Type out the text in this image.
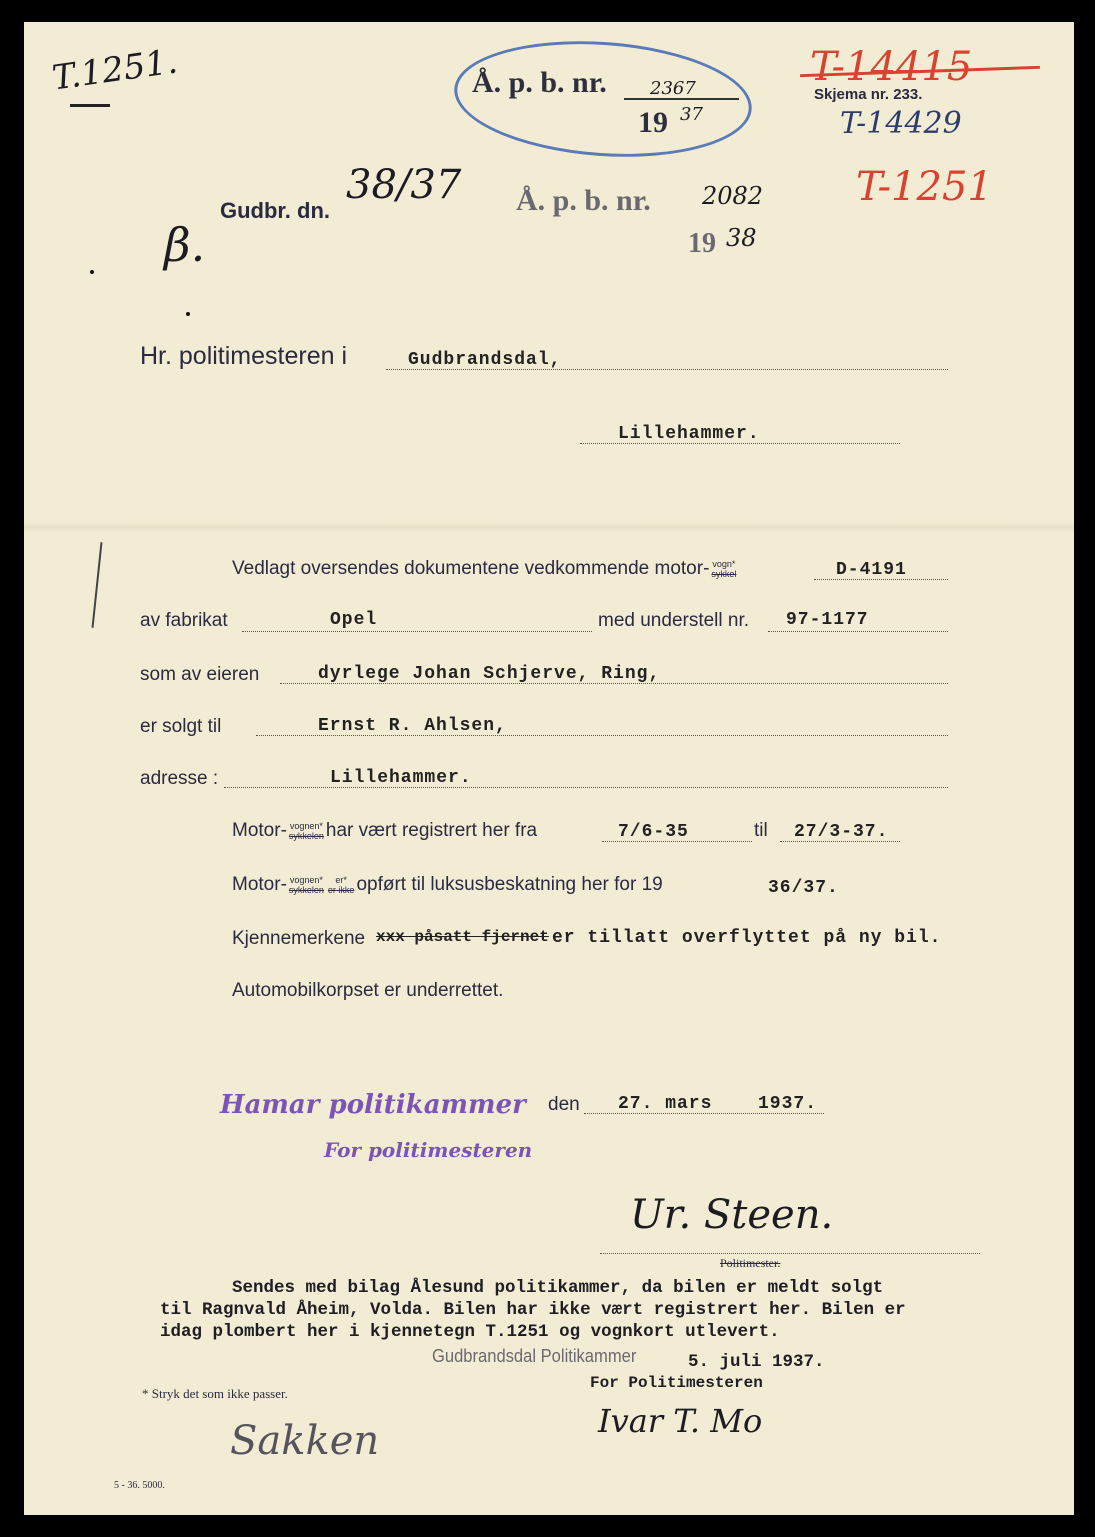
T.1251.	Å. p. b. nr. 2367
19 37
T-14415
Skjema nr. 233.
T-14429
T-1251
β.
Gudbr. dn.
38/37 Å. p. b. nr. 2082
19 38
Hr. politimesteren i	Gudbrandsdal,
Lillehammer.
Vedlagt oversendes dokumentene vedkommende motor- vogn*
sykkel	D-4191
av fabrikat	Opel	med understell nr. 97-1177
som av eieren	dyrlege Johan Schjerve, Ring,
er solgt til	Ernst R. Ahlsen,
adresse :	Lillehammer.
Motor- vognen*
sykkelen har vært registrert her fra	7/6-35	til 27/3-37.
Motor- vognen*
sykkelen
er*
er ikke opført til luksusbeskatning her for 19	36/37.
Kjennemerkene xxx påsatt fjernet er tillatt overflyttet på ny bil.
Automobilkorpset er underrettet.
Hamar politikammer den 27. mars	1937.
For politimesteren
Ur. Steen.
Politimester.
Sendes med bilag Ålesund politikammer, da bilen er meldt solgt
til Ragnvald Åheim, Volda. Bilen har ikke vært registrert her. Bilen er
idag plombert her i kjennetegn T.1251 og vognkort utlevert.
Gudbrandsdal Politikammer	5. juli 1937.
For Politimesteren
Ivar T. Mo
* Stryk det som ikke passer.
Sakken
5 - 36. 5000.
